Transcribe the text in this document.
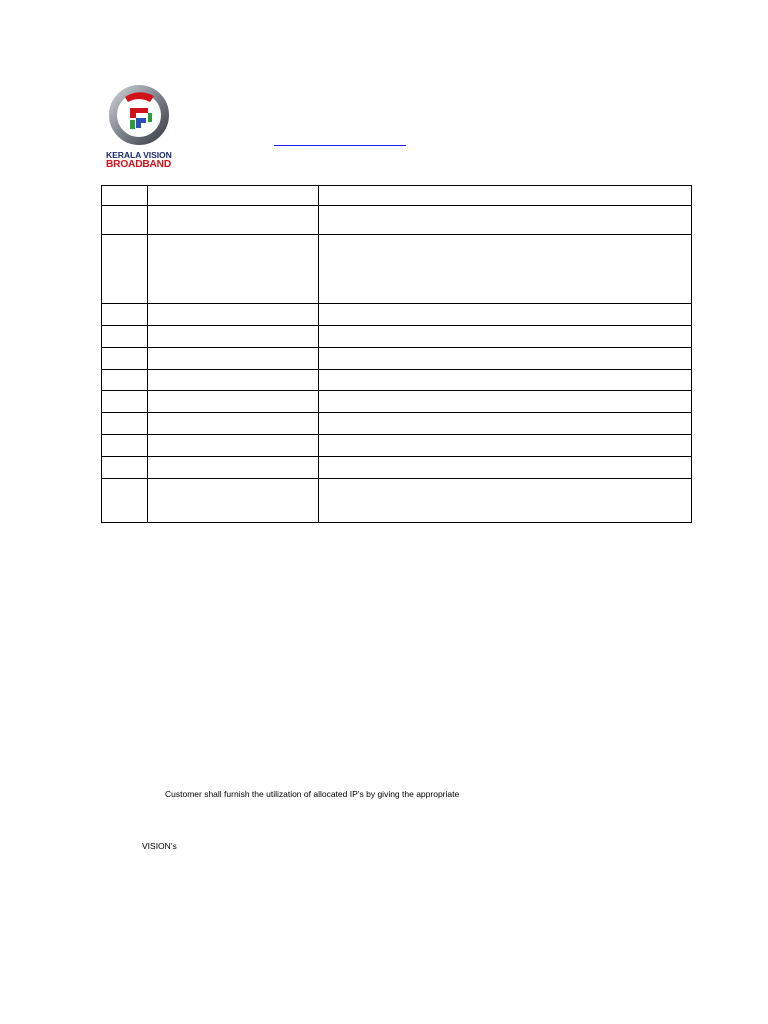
KERALA VISION
BROADBAND

Customer shall furnish the utilization of allocated IP’s by giving the appropriate
VISION’s
